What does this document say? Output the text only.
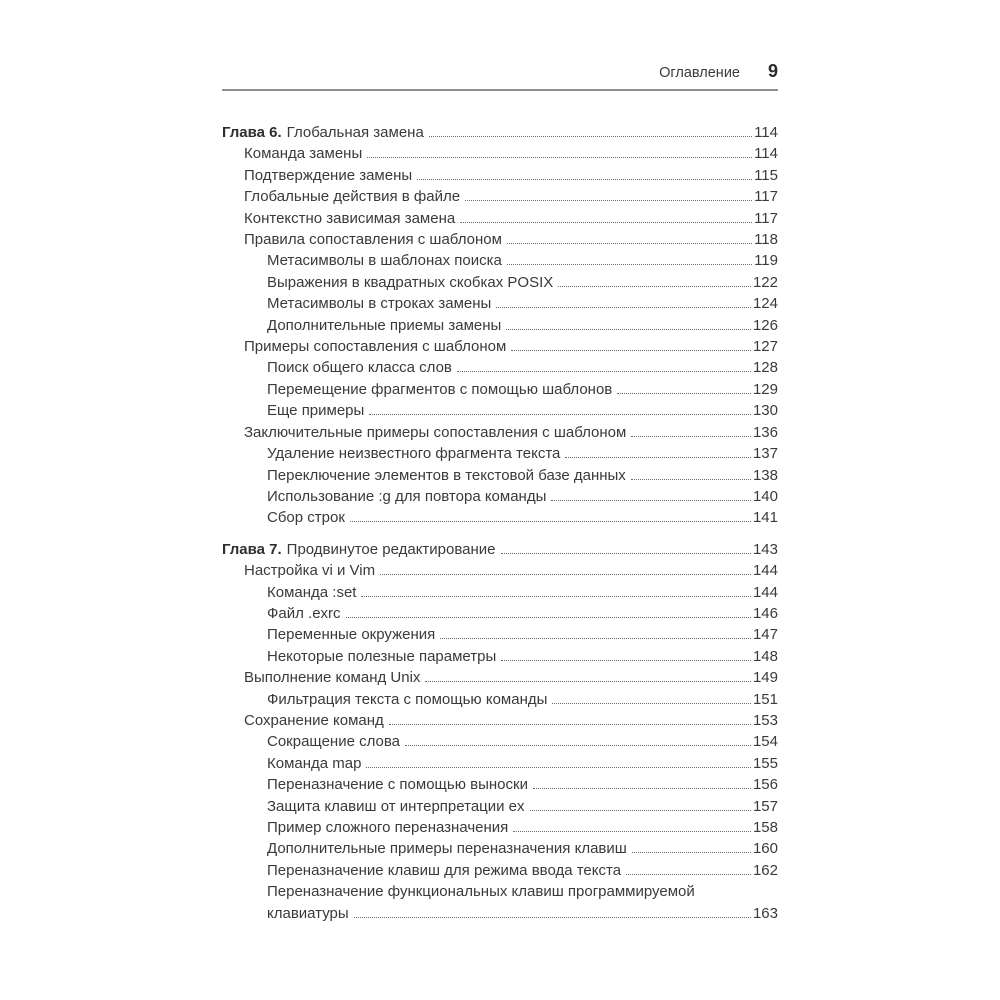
Оглавление 9
Глава 6. Глобальная замена	114
Команда замены	114
Подтверждение замены	115
Глобальные действия в файле	117
Контекстно зависимая замена	117
Правила сопоставления с шаблоном	118
Метасимволы в шаблонах поиска	119
Выражения в квадратных скобках POSIX	122
Метасимволы в строках замены	124
Дополнительные приемы замены	126
Примеры сопоставления с шаблоном	127
Поиск общего класса слов	128
Перемещение фрагментов с помощью шаблонов	129
Еще примеры	130
Заключительные примеры сопоставления с шаблоном	136
Удаление неизвестного фрагмента текста	137
Переключение элементов в текстовой базе данных	138
Использование :g для повтора команды	140
Сбор строк	141
Глава 7. Продвинутое редактирование	143
Настройка vi и Vim	144
Команда :set	144
Файл .exrc	146
Переменные окружения	147
Некоторые полезные параметры	148
Выполнение команд Unix	149
Фильтрация текста с помощью команды	151
Сохранение команд	153
Сокращение слова	154
Команда map	155
Переназначение с помощью выноски	156
Защита клавиш от интерпретации ex	157
Пример сложного переназначения	158
Дополнительные примеры переназначения клавиш	160
Переназначение клавиш для режима ввода текста	162
Переназначение функциональных клавиш программируемой
клавиатуры	163
